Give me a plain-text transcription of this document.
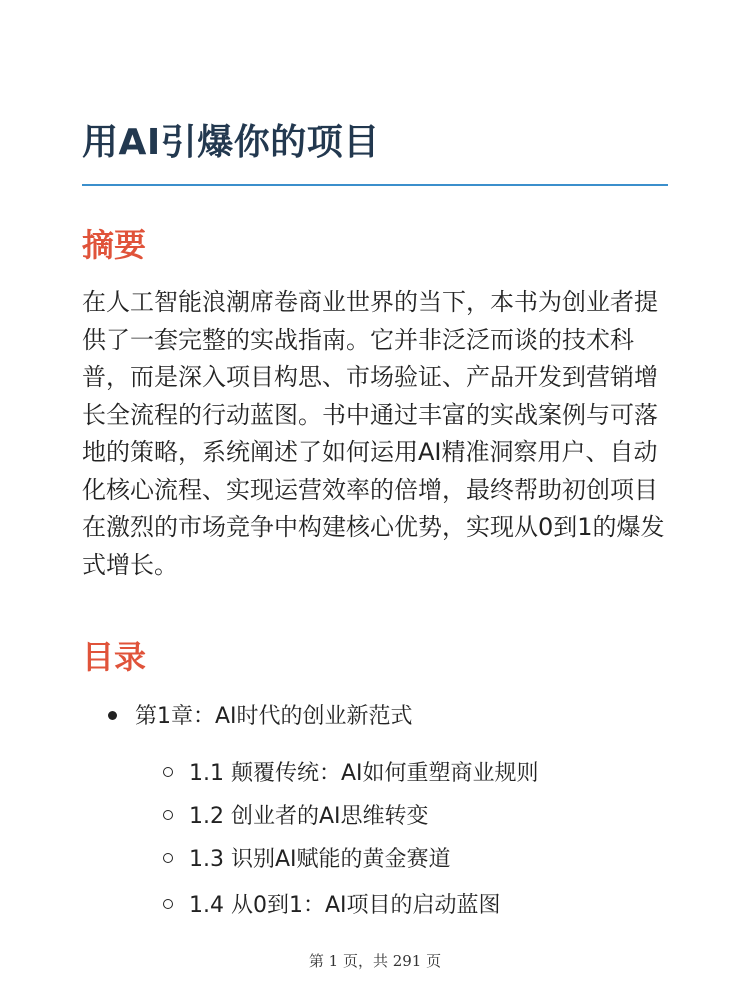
用AI引爆你的项目
摘要

在人工智能浪潮席卷商业世界的当下，本书为创业者提供了一套完整的实战指南。它并非泛泛而谈的技术科普，而是深入项目构思、市场验证、产品开发到营销增长全流程的行动蓝图。书中通过丰富的实战案例与可落地的策略，系统阐述了如何运用AI精准洞察用户、自动化核心流程、实现运营效率的倍增，最终帮助初创项目在激烈的市场竞争中构建核心优势，实现从0到1的爆发式增长。

目录
第1章：AI时代的创业新范式
1.1 颠覆传统：AI如何重塑商业规则
1.2 创业者的AI思维转变
1.3 识别AI赋能的黄金赛道
1.4 从0到1：AI项目的启动蓝图
第 1 页，共 291 页
